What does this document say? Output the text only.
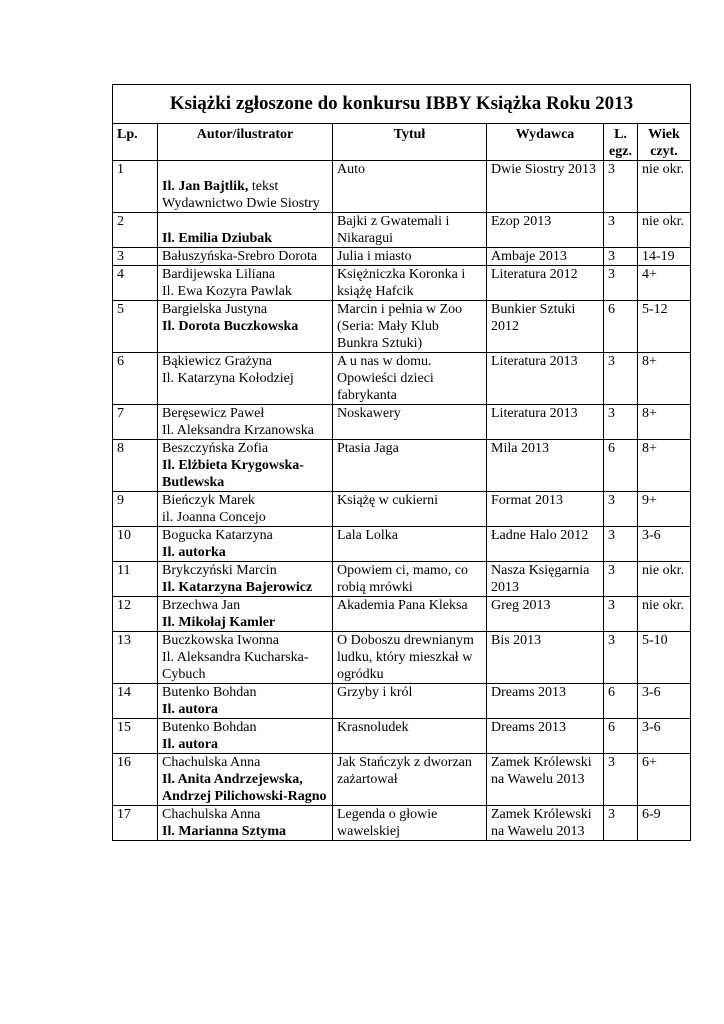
Książki zgłoszone do konkursu IBBY Książka Roku 2013					
Lp.	Autor/ilustrator	Tytuł	Wydawca	L. egz.	Wiek czyt.
1	Il. Jan Bajtlik, tekst
Wydawnictwo Dwie Siostry	Auto	Dwie Siostry 2013	3	nie okr.
2	Il. Emilia Dziubak	Bajki z Gwatemali i Nikaragui	Ezop 2013	3	nie okr.
3	Bałuszyńska-Srebro Dorota	Julia i miasto	Ambaje 2013	3	14-19
4	Bardijewska Liliana
Il. Ewa Kozyra Pawlak	Księżniczka Koronka i książę Hafcik	Literatura 2012	3	4+
5	Bargielska Justyna
Il. Dorota Buczkowska	Marcin i pełnia w Zoo (Seria: Mały Klub Bunkra Sztuki)	Bunkier Sztuki 2012	6	5-12
6	Bąkiewicz Grażyna
Il. Katarzyna Kołodziej	A u nas w domu. Opowieści dzieci fabrykanta	Literatura 2013	3	8+
7	Beręsewicz Paweł
Il. Aleksandra Krzanowska	Noskawery	Literatura 2013	3	8+
8	Beszczyńska Zofia
Il. Elżbieta Krygowska-Butlewska	Ptasia Jaga	Mila 2013	6	8+
9	Bieńczyk Marek
il. Joanna Concejo	Książę w cukierni	Format 2013	3	9+
10	Bogucka Katarzyna
Il. autorka	Lala Lolka	Ładne Halo 2012	3	3-6
11	Brykczyński Marcin
Il. Katarzyna Bajerowicz	Opowiem ci, mamo, co robią mrówki	Nasza Księgarnia 2013	3	nie okr.
12	Brzechwa Jan
Il. Mikołaj Kamler	Akademia Pana Kleksa	Greg 2013	3	nie okr.
13	Buczkowska Iwonna
Il. Aleksandra Kucharska-Cybuch	O Doboszu drewnianym ludku, który mieszkał w ogródku	Bis 2013	3	5-10
14	Butenko Bohdan
Il. autora	Grzyby i król	Dreams 2013	6	3-6
15	Butenko Bohdan
Il. autora	Krasnoludek	Dreams 2013	6	3-6
16	Chachulska Anna
Il. Anita Andrzejewska, Andrzej Pilichowski-Ragno	Jak Stańczyk z dworzan zażartował	Zamek Królewski na Wawelu 2013	3	6+
17	Chachulska Anna
Il. Marianna Sztyma	Legenda o głowie wawelskiej	Zamek Królewski na Wawelu 2013	3	6-9
